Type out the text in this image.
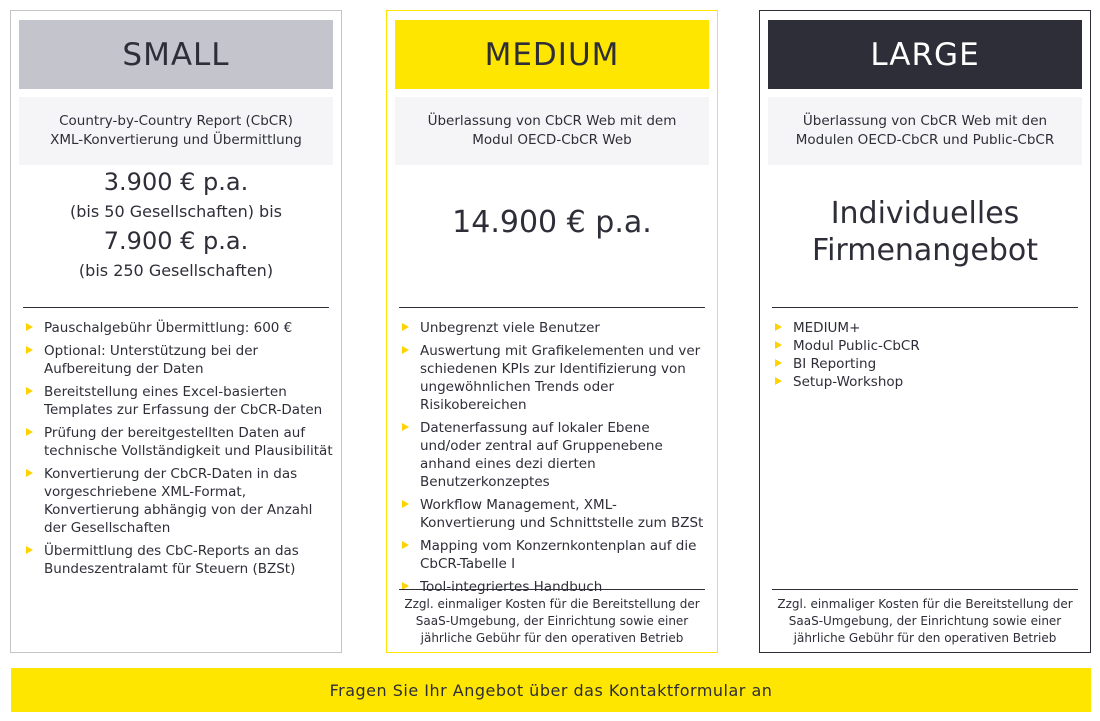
SMALL
Country-by-Country Report (CbCR)
XML-Konvertierung und Übermittlung
3.900 € p.a.
(bis 50 Gesellschaften) bis
7.900 € p.a.
(bis 250 Gesellschaften)
Pauschalgebühr Übermittlung: 600 €
Optional: Unterstützung bei der Aufbereitung der Daten
Bereitstellung eines Excel-basierten Templates zur Erfassung der CbCR-Daten
Prüfung der bereitgestellten Daten auf technische Vollständigkeit und Plausibilität
Konvertierung der CbCR-Daten in das vorgeschriebene XML-Format, Konvertierung abhängig von der Anzahl der Gesellschaften
Übermittlung des CbC-Reports an das Bundeszentralamt für Steuern (BZSt)
MEDIUM
Überlassung von CbCR Web mit dem
Modul OECD-CbCR Web
14.900 € p.a.
Unbegrenzt viele Benutzer
Auswertung mit Grafikelementen und ver schiedenen KPIs zur Identifizierung von ungewöhnlichen Trends oder Risikobereichen
Datenerfassung auf lokaler Ebene und/oder zentral auf Gruppenebene anhand eines dezi dierten Benutzerkonzeptes
Workflow Management, XML-Konvertierung und Schnittstelle zum BZSt
Mapping vom Konzernkontenplan auf die CbCR-Tabelle I
Tool-integriertes Handbuch
Zzgl. einmaliger Kosten für die Bereitstellung der
SaaS-Umgebung, der Einrichtung sowie einer
jährliche Gebühr für den operativen Betrieb
LARGE
Überlassung von CbCR Web mit den
Modulen OECD-CbCR und Public-CbCR
Individuelles
Firmenangebot
MEDIUM+
Modul Public-CbCR
BI Reporting
Setup-Workshop
Zzgl. einmaliger Kosten für die Bereitstellung der
SaaS-Umgebung, der Einrichtung sowie einer
jährliche Gebühr für den operativen Betrieb
Fragen Sie Ihr Angebot über das Kontaktformular an
